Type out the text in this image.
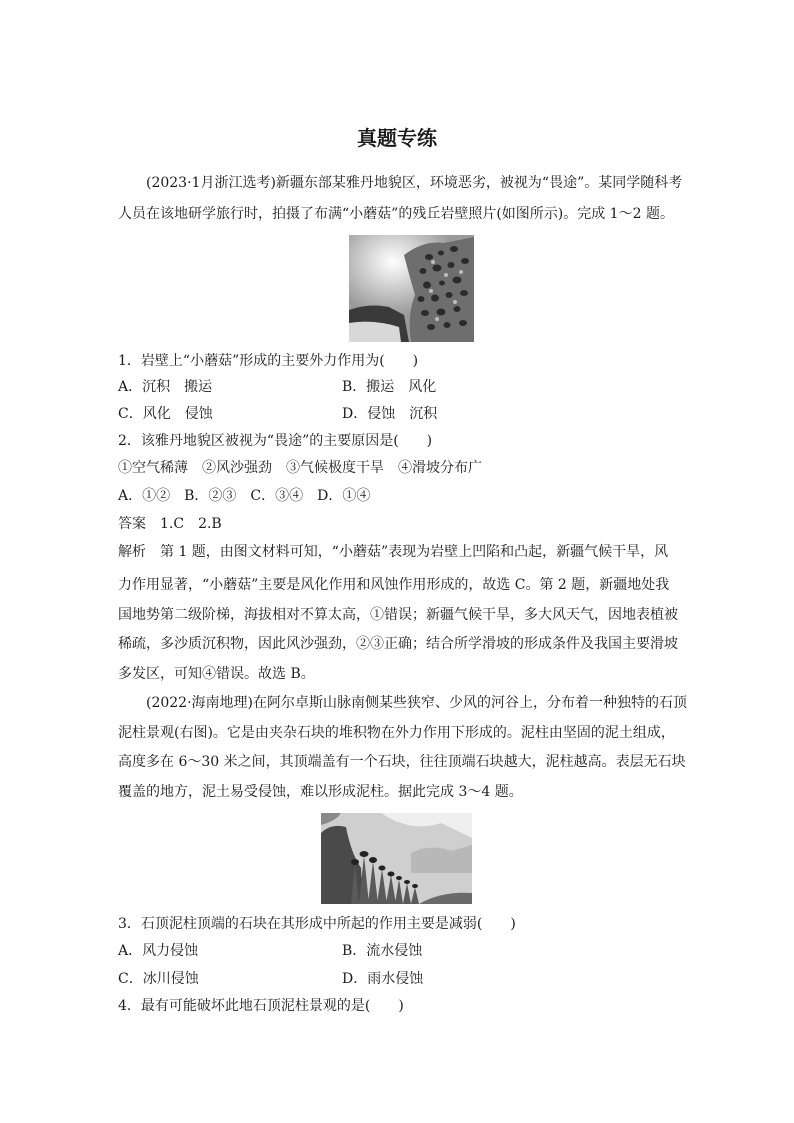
真题专练
(2023·1月浙江选考)新疆东部某雅丹地貌区，环境恶劣，被视为“畏途”。某同学随科考
人员在该地研学旅行时，拍摄了布满“小蘑菇”的残丘岩壁照片(如图所示)。完成 1～2 题。
1．岩壁上“小蘑菇”形成的主要外力作用为(　　)
A．沉积　搬运	B．搬运　风化
C．风化　侵蚀	D．侵蚀　沉积
2．该雅丹地貌区被视为“畏途”的主要原因是(　　)
①空气稀薄　②风沙强劲　③气候极度干旱　④滑坡分布广
A．①②　B．②③　C．③④　D．①④
答案　1.C　2.B
解析　第 1 题，由图文材料可知，“小蘑菇”表现为岩壁上凹陷和凸起，新疆气候干旱，风
力作用显著，“小蘑菇”主要是风化作用和风蚀作用形成的，故选 C。第 2 题，新疆地处我
国地势第二级阶梯，海拔相对不算太高，①错误；新疆气候干旱，多大风天气，因地表植被
稀疏，多沙质沉积物，因此风沙强劲，②③正确；结合所学滑坡的形成条件及我国主要滑坡
多发区，可知④错误。故选 B。
(2022·海南地理)在阿尔卓斯山脉南侧某些狭窄、少风的河谷上，分布着一种独特的石顶
泥柱景观(右图)。它是由夹杂石块的堆积物在外力作用下形成的。泥柱由坚固的泥土组成，
高度多在 6～30 米之间，其顶端盖有一个石块，往往顶端石块越大，泥柱越高。表层无石块
覆盖的地方，泥土易受侵蚀，难以形成泥柱。据此完成 3～4 题。
3．石顶泥柱顶端的石块在其形成中所起的作用主要是减弱(　　)
A．风力侵蚀	B．流水侵蚀
C．冰川侵蚀	D．雨水侵蚀
4．最有可能破坏此地石顶泥柱景观的是(　　)
